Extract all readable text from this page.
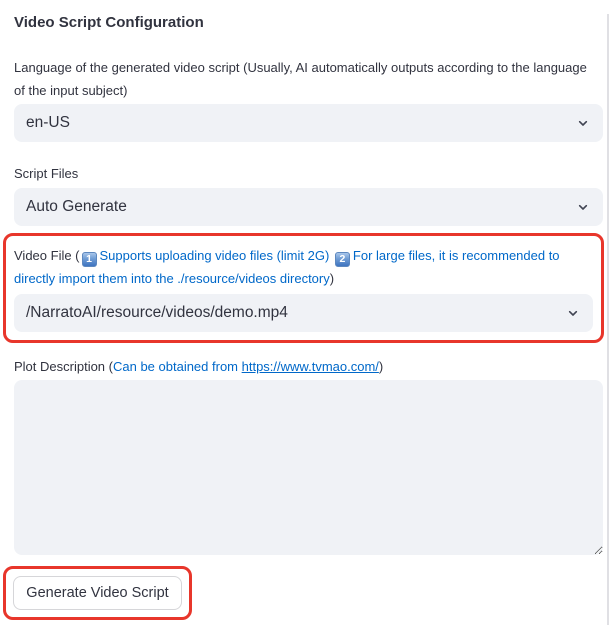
Video Script Configuration
Language of the generated video script (Usually, AI automatically outputs according to the language
of the input subject)
en-US
Script Files
Auto Generate
Video File ( 1 Supports uploading video files (limit 2G) 2 For large files, it is recommended to
directly import them into the ./resource/videos directory)
/NarratoAI/resource/videos/demo.mp4
Plot Description (Can be obtained from https://www.tvmao.com/)
Generate Video Script
